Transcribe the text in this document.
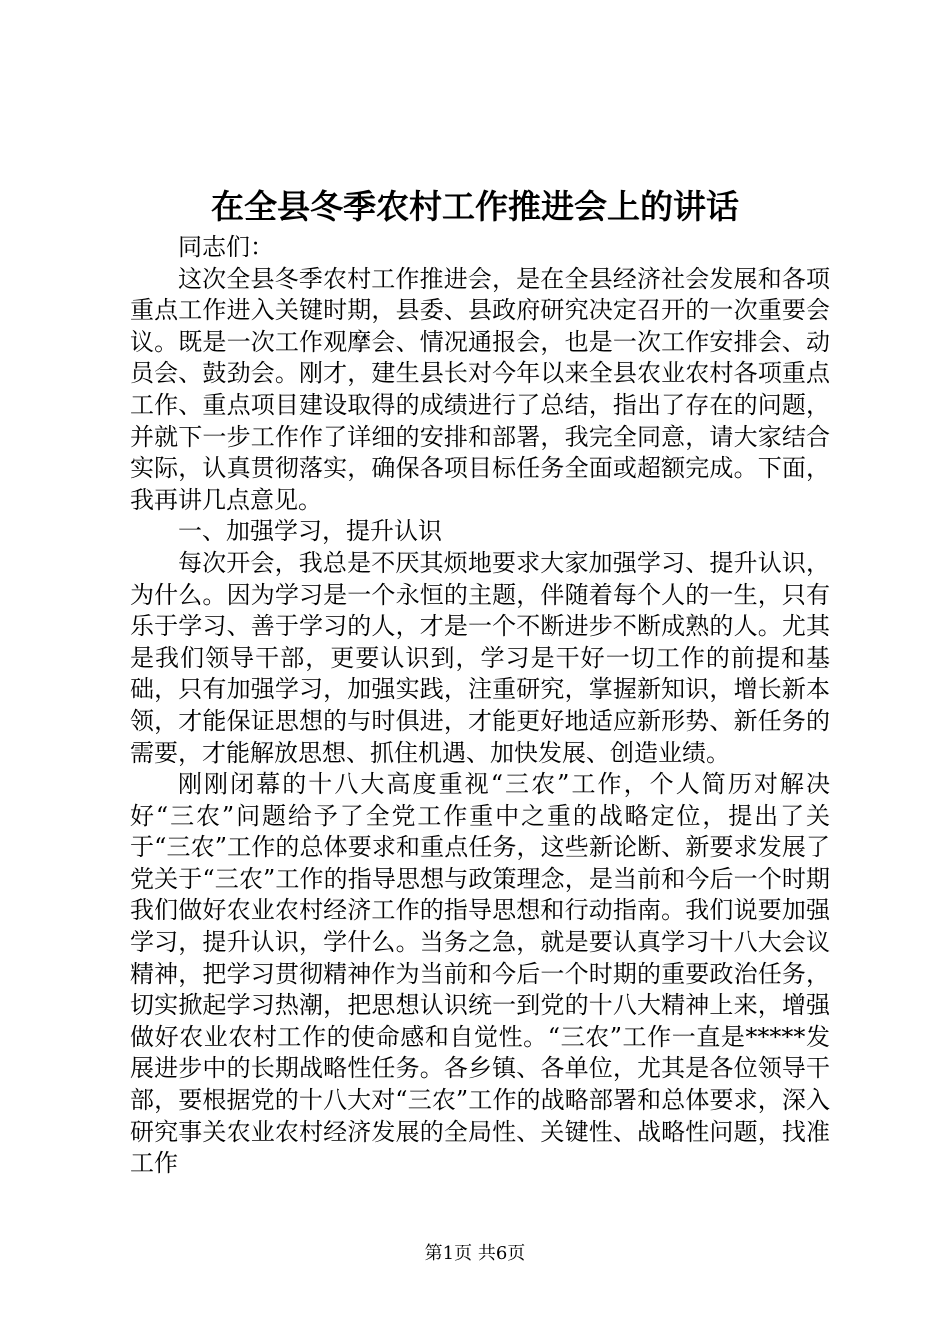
在全县冬季农村工作推进会上的讲话

同志们：

这次全县冬季农村工作推进会，是在全县经济社会发展和各项重点工作进入关键时期，县委、县政府研究决定召开的一次重要会议。既是一次工作观摩会、情况通报会，也是一次工作安排会、动员会、鼓劲会。刚才，建生县长对今年以来全县农业农村各项重点工作、重点项目建设取得的成绩进行了总结，指出了存在的问题，并就下一步工作作了详细的安排和部署，我完全同意，请大家结合实际，认真贯彻落实，确保各项目标任务全面或超额完成。下面，我再讲几点意见。

一、加强学习，提升认识

每次开会，我总是不厌其烦地要求大家加强学习、提升认识，为什么。因为学习是一个永恒的主题，伴随着每个人的一生，只有乐于学习、善于学习的人，才是一个不断进步不断成熟的人。尤其是我们领导干部，更要认识到，学习是干好一切工作的前提和基础，只有加强学习，加强实践，注重研究，掌握新知识，增长新本领，才能保证思想的与时俱进，才能更好地适应新形势、新任务的需要，才能解放思想、抓住机遇、加快发展、创造业绩。

刚刚闭幕的十八大高度重视“三农”工作，个人简历对解决好“三农”问题给予了全党工作重中之重的战略定位，提出了关于“三农”工作的总体要求和重点任务，这些新论断、新要求发展了党关于“三农”工作的指导思想与政策理念，是当前和今后一个时期我们做好农业农村经济工作的指导思想和行动指南。我们说要加强学习，提升认识，学什么。当务之急，就是要认真学习十八大会议精神，把学习贯彻精神作为当前和今后一个时期的重要政治任务，切实掀起学习热潮，把思想认识统一到党的十八大精神上来，增强做好农业农村工作的使命感和自觉性。“三农”工作一直是*****发展进步中的长期战略性任务。各乡镇、各单位，尤其是各位领导干部，要根据党的十八大对“三农”工作的战略部署和总体要求，深入研究事关农业农村经济发展的全局性、关键性、战略性问题，找准工作

第1页 共6页
